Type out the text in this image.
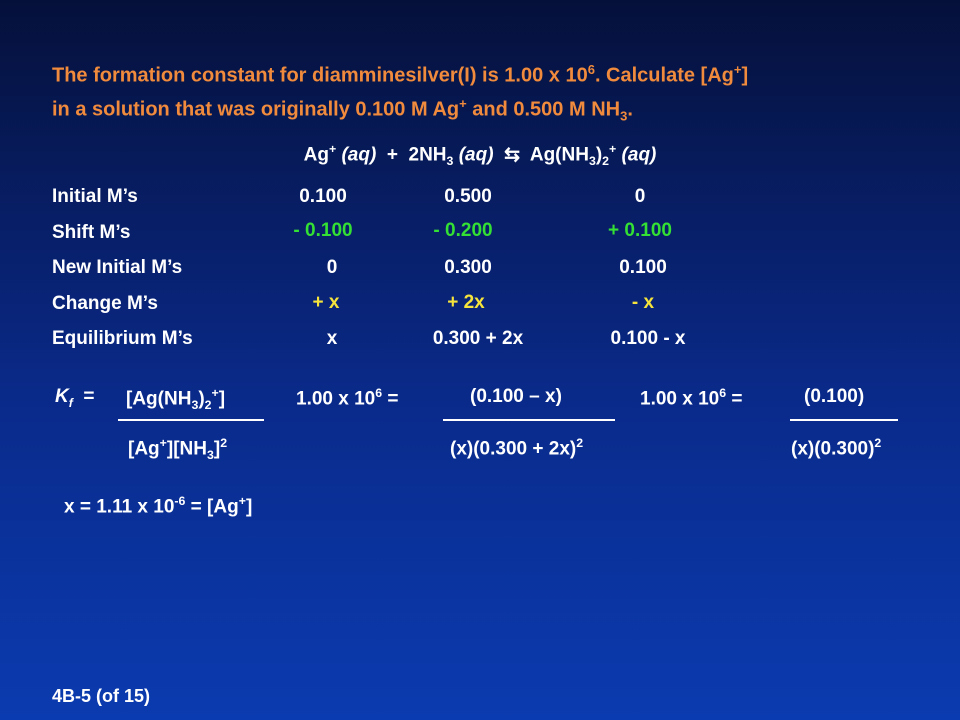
The formation constant for diamminesilver(I) is 1.00 x $10^6$. Calculate [Ag+]
in a solution that was originally 0.100 M Ag+ and 0.500 M $NH_3$.
Ag+ $(aq) + 2NH_3$ (aq) ⇆ $Ag(NH_3)_2^+$ (aq)
Initial M’s	0.100	0.500	0
Shift M’s	- 0.100	- 0.200	+ 0.100
New Initial M’s	0	0.300	0.100
Change M’s	+ x	+ 2x	- x
Equilibrium M’s	x	0.300 + 2x	0.100 - x
$K_f = [Ag(NH_3)_2^+]$
$[Ag^+][NH_3]^2$
1.00 x $10^6$ =	(0.100 – x)
$(x)(0.300 + 2x)^2$
1.00 x $10^6$ =	(0.100)
$(x)(0.300)^2$
x = 1.11 x $10^{-6} = [Ag^+]$
4B-5 (of 15)
